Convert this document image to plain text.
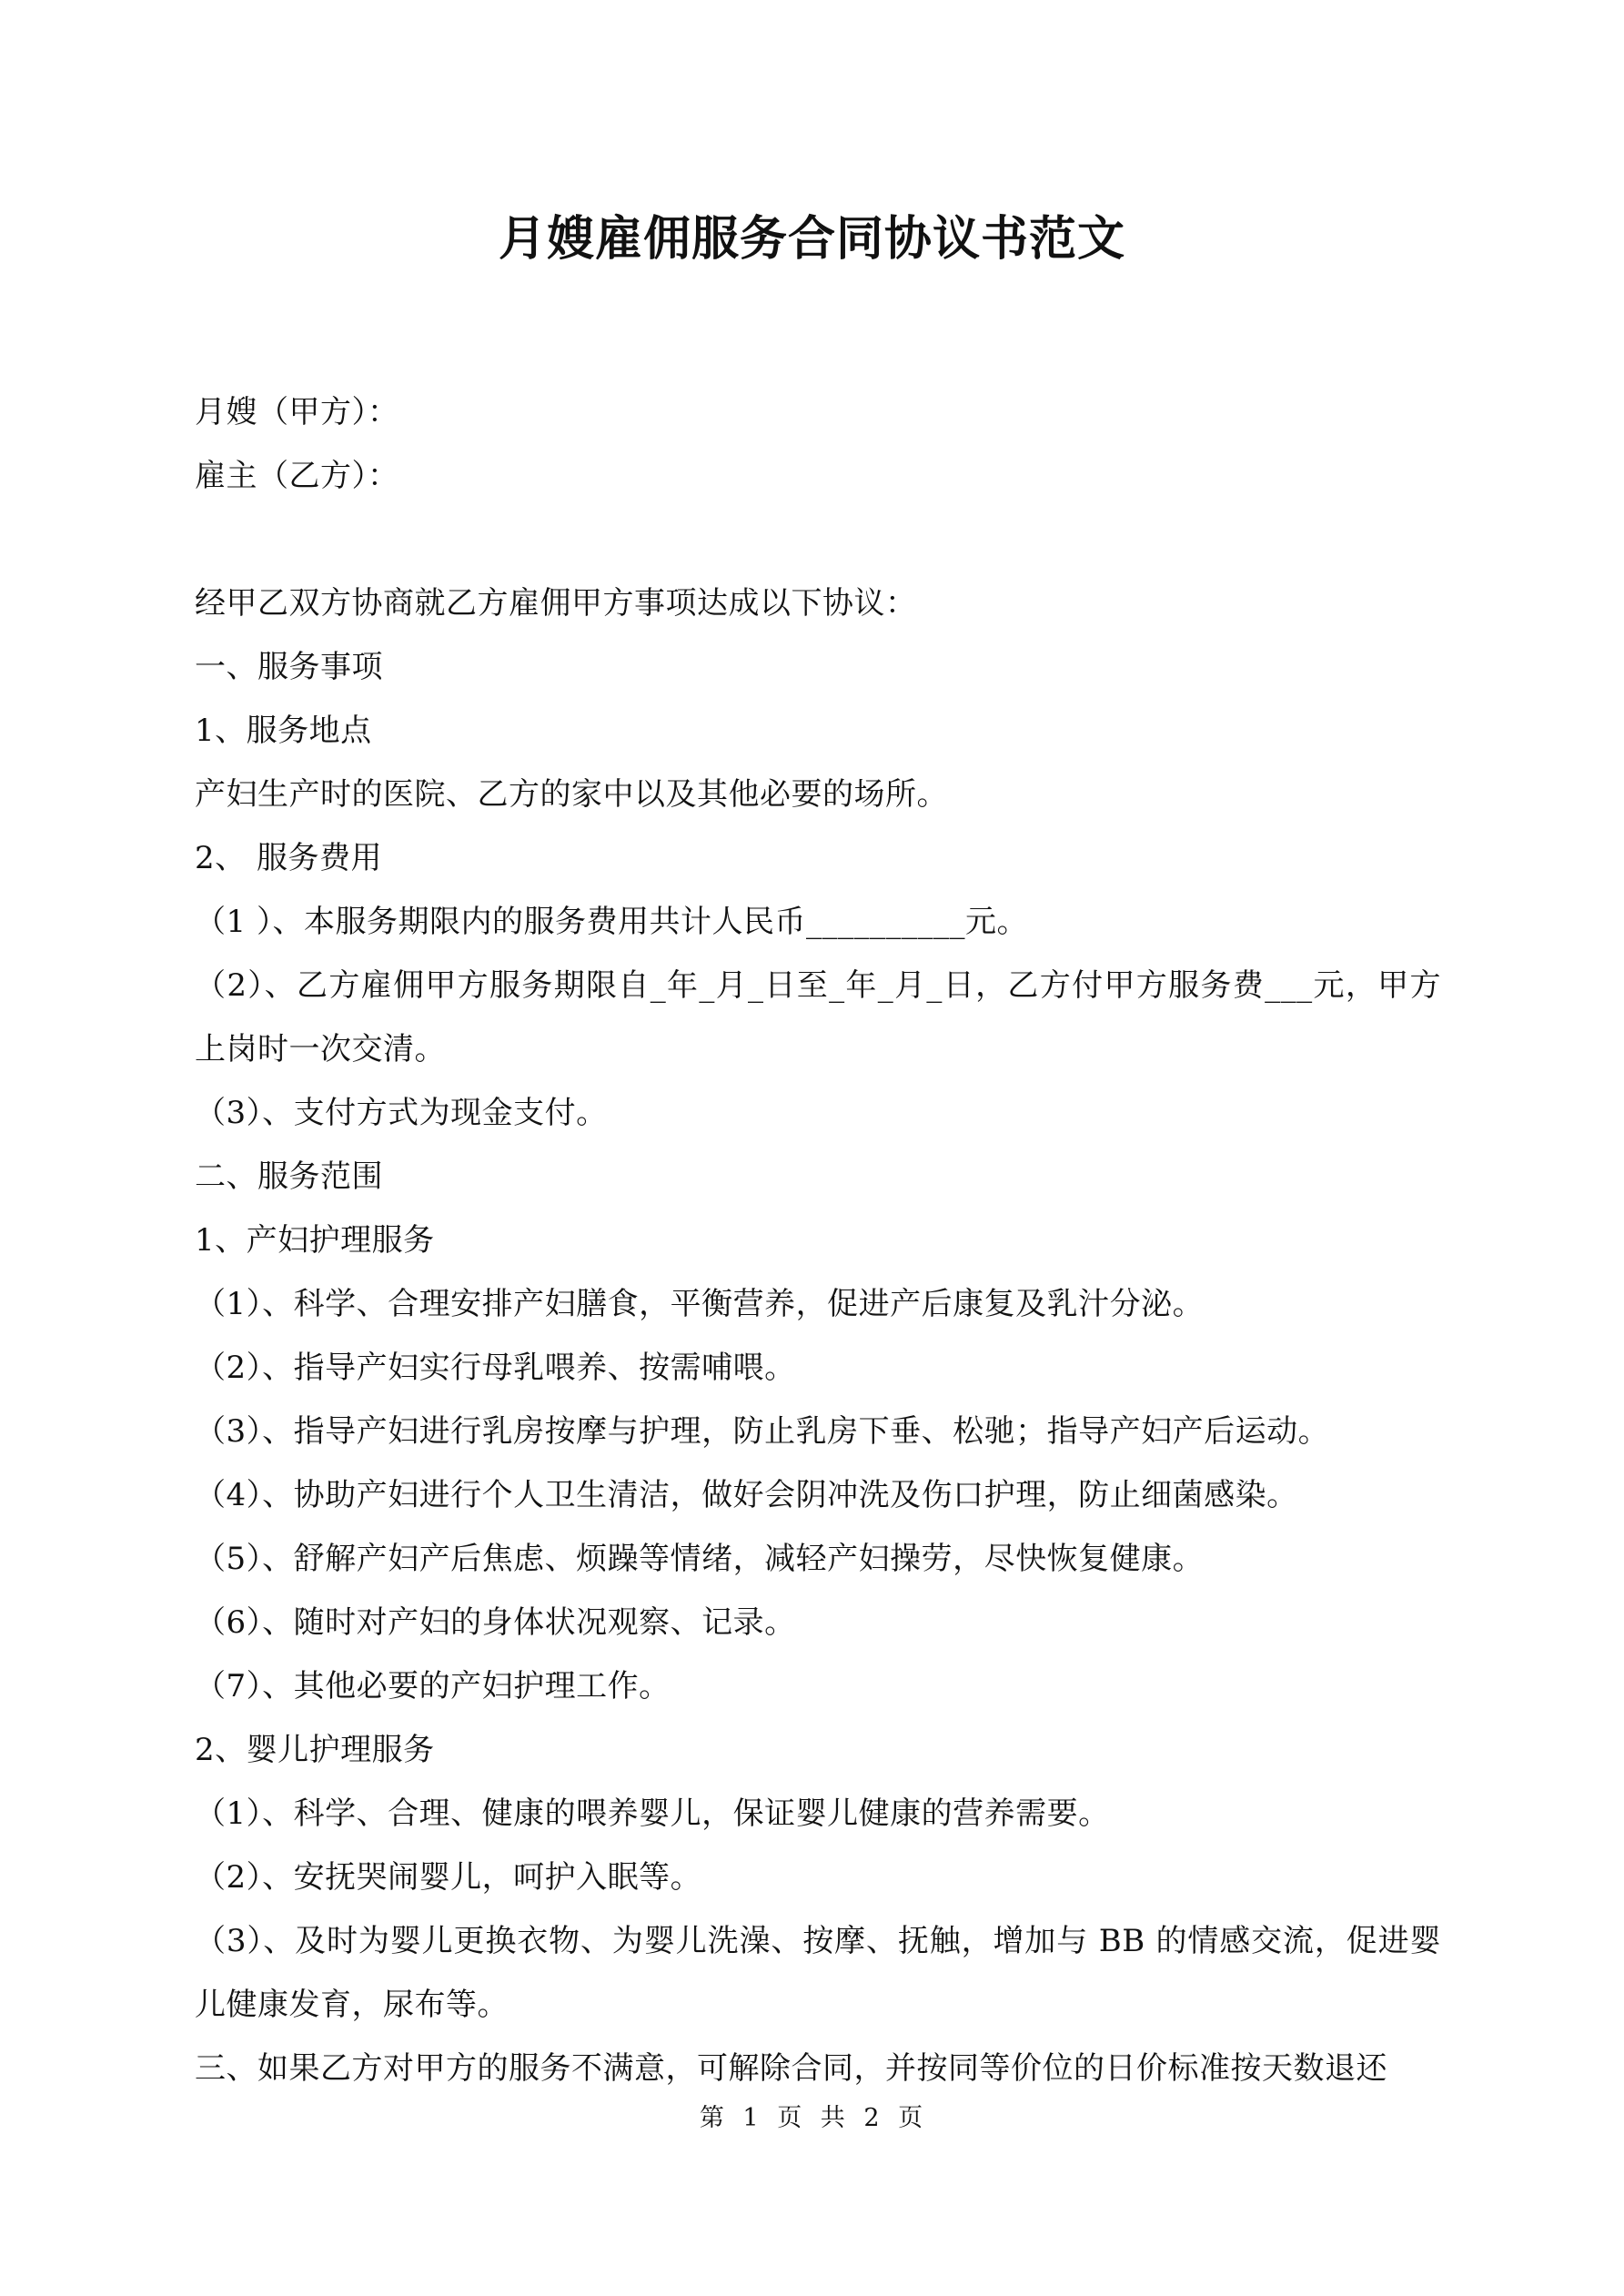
月嫂雇佣服务合同协议书范文
月嫂（甲方）：
雇主（乙方）：
经甲乙双方协商就乙方雇佣甲方事项达成以下协议：
一、服务事项
1、服务地点
产妇生产时的医院、乙方的家中以及其他必要的场所。
2、 服务费用
（1 ）、本服务期限内的服务费用共计人民币__________元。
（2）、乙方雇佣甲方服务期限自_年_月_日至_年_月_日，乙方付甲方服务费___元，甲方上岗时一次交清。
（3）、支付方式为现金支付。
二、服务范围
1、产妇护理服务
（1）、科学、合理安排产妇膳食，平衡营养，促进产后康复及乳汁分泌。
（2）、指导产妇实行母乳喂养、按需哺喂。
（3）、指导产妇进行乳房按摩与护理，防止乳房下垂、松驰；指导产妇产后运动。
（4）、协助产妇进行个人卫生清洁，做好会阴冲洗及伤口护理，防止细菌感染。
（5）、舒解产妇产后焦虑、烦躁等情绪，减轻产妇操劳，尽快恢复健康。
（6）、随时对产妇的身体状况观察、记录。
（7）、其他必要的产妇护理工作。
2、婴儿护理服务
（1）、科学、合理、健康的喂养婴儿，保证婴儿健康的营养需要。
（2）、安抚哭闹婴儿，呵护入眠等。
（3）、及时为婴儿更换衣物、为婴儿洗澡、按摩、抚触，增加与 BB 的情感交流，促进婴儿健康发育，尿布等。
三、如果乙方对甲方的服务不满意，可解除合同，并按同等价位的日价标准按天数退还
第 1 页 共 2 页
